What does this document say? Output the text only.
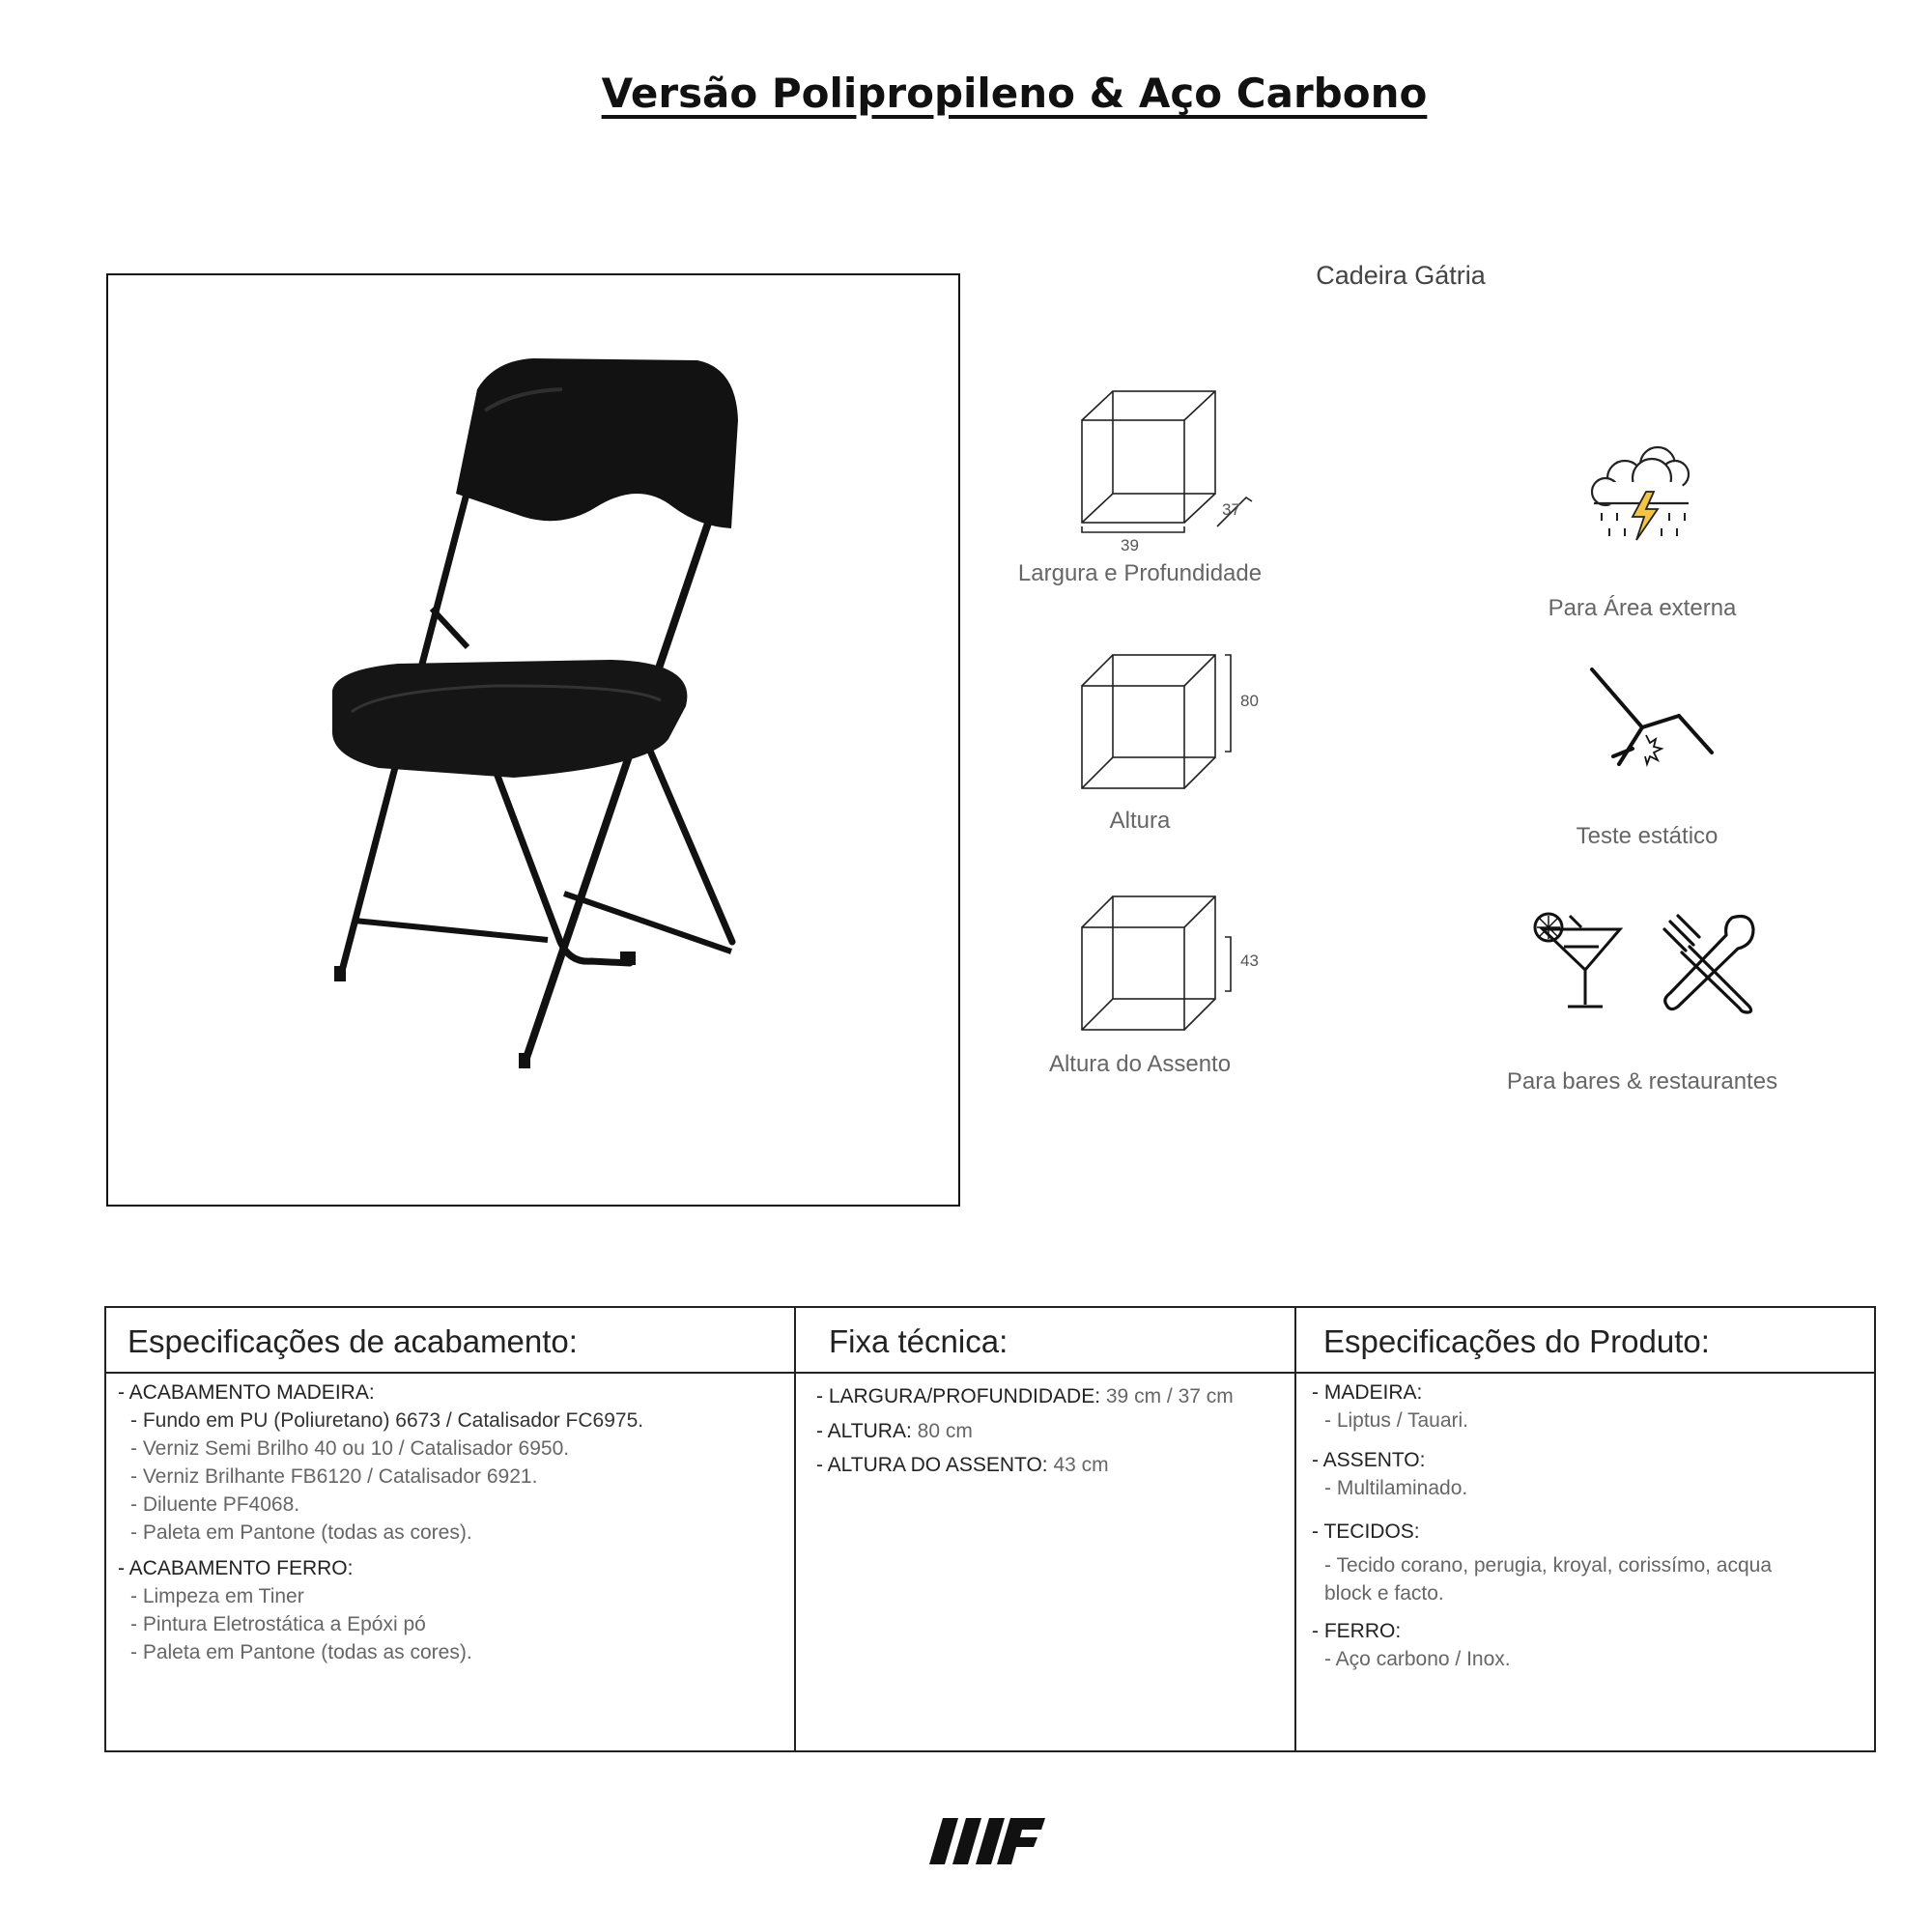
Versão Polipropileno & Aço Carbono
Cadeira Gátria
39
37
Largura e Profundidade
80
Altura
43
Altura do Assento
Para Área externa
Teste estático
Para bares & restaurantes
Especificações de acabamento:	Fixa técnica:	Especificações do Produto:
- ACABAMENTO MADEIRA:
- Fundo em PU (Poliuretano) 6673 / Catalisador FC6975.
- Verniz Semi Brilho 40 ou 10 / Catalisador 6950.
- Verniz Brilhante FB6120 / Catalisador 6921.
- Diluente PF4068.
- Paleta em Pantone (todas as cores).
- ACABAMENTO FERRO:
- Limpeza em Tiner
- Pintura Eletrostática a Epóxi pó
- Paleta em Pantone (todas as cores).
- LARGURA/PROFUNDIDADE: 39 cm / 37 cm
- ALTURA: 80 cm
- ALTURA DO ASSENTO: 43 cm
- MADEIRA:
- Liptus / Tauari.
- ASSENTO:
- Multilaminado.
- TECIDOS:
- Tecido corano, perugia, kroyal, corissímo, acqua
block e facto.
- FERRO:
- Aço carbono / Inox.
